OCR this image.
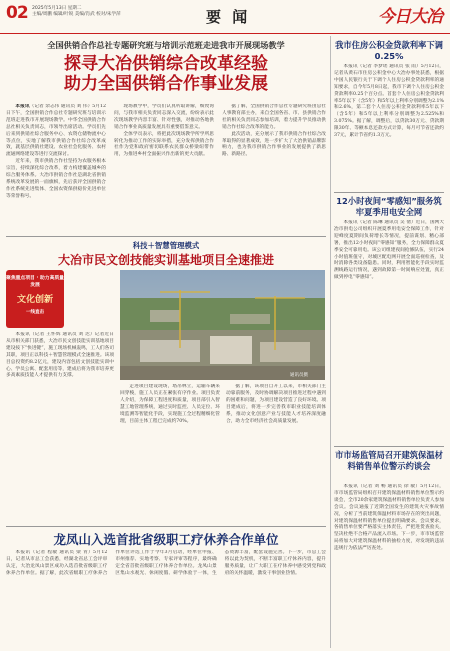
02 2025年5月13日 星期二
主编/周鹏 编辑/叶锐 美编/肖武 校对/朱学萍	要 闻	今日大冶
全国供销合作总社专题研究班与培训示范班走进我市开展现场教学
探寻大冶供销综合改革经验
助力全国供销合作事业发展

本报讯（记者 余志伟 通讯员 刘 伟）5月12日下午，全国供销合作总社专题研究班与培训示范班走进我市开展现场教学。中华全国供销合作总社相关负责同志，市领导出席活动。学员们先后来到供销社综合服务中心、农资仓储物流中心等点位，实地了解我市供销合作社综合改革成效，就基层供销社建设、农业社会化服务、农村流通网络建设等进行交流探讨。

近年来，我市供销合作社坚持为农服务根本宗旨，持续深化综合改革，着力构建覆盖城乡的综合服务体系。大冶市供销合作社是湖北省供销系统改革发展的一面旗帜，先后获评全国供销合作社系统先进集体、全国农资保供稳价先进单位等荣誉称号。

现场教学中，学员们认真听取讲解，细致询问，与我市相关负责同志深入交流，纷纷表示此次现场教学内容丰富、针对性强，对推动各地供销合作事业高质量发展具有重要借鉴意义。

全体学员表示，将把此次现场教学所学所思转化为推动工作的实际举措，充分发挥供销合作社作为党和政府密切联系农民群众桥梁纽带作用，为推进乡村全面振兴作出新的更大贡献。

据了解，全国供销合作总社专题研究班由总社人事教育部主办，来自全国各省、市、县供销合作社的相关负责同志参加培训，着力提升学员推动供销合作社综合改革的能力。

此次活动，充分展示了我市供销合作社综合改革取得的显著成效，进一步扩大了大冶供销品牌影响力，也为我市供销合作事业的发展提供了新思路、新路径。

科技＋智慧管理模式
大冶市民文创技能实训基地项目全速推进
聚焦重点项目 · 助力高质量发展
文化创新
一线直击
通讯员摄

本报讯（记者 王怀辉 通讯员 刘 达）记者近日从市相关部门获悉，大冶市民文创技能实训基地项目建设按下“快进键”，施工现场机械轰鸣，工人们各司其职，项目正以科技＋智慧管理模式全速推进。该项目总投资约8.2亿元，建设内容包括文创技能实训中心、学员公寓、配套用房等，建成后将为我市培养更多高素质技能人才提供有力支撑。

走进项目建设现场，塔吊林立，运输车辆来回穿梭，施工人员正在紧张有序作业。项目负责人介绍，为保障工程进度和质量，项目部引入智慧工地管理系统，通过实时监控、人员定位、环境监测等智能化手段，实现施工全过程精细化管理，目前主体工程已完成约70%。

据了解，该项目自开工以来，市相关部门主动靠前服务，及时协调解决项目推进过程中遇到的困难和问题，为项目建设营造了良好环境。项目建成后，将进一步完善我市职业技能培训体系，推动文化创意产业与技能人才培养深度融合，助力全市经济社会高质量发展。

龙凤山入选首批省级职工疗休养合作单位

本报讯（记者 程敏 通讯员 梁 青）5月12日，记者从市总工会获悉，经湖北省总工会评审认定，大冶龙凤山景区成功入选首批省级职工疗休养合作单位。据了解，此次省级职工疗休养合作单位评选工作于今年3月启动，经单位申报、市州推荐、实地考察、专家评审等程序，最终确定全省首批省级职工疗休养合作单位。龙凤山景区集山水观光、休闲度假、研学体验于一体，生态资源丰富，配套设施完善。下一步，市总工会将以此为契机，不断丰富职工疗休养内容，提升服务质量，让广大职工在疗休养中感受到党和政府的关怀温暖，激发干事创业热情。

我市住房公积金贷款利率下调0.25%

本报讯（记者 李梦瑶 通讯员 张 雨）5月12日，记者从黄石市住房公积金中心大冶办事处获悉，根据中国人民银行关于下调个人住房公积金贷款利率的通知要求，自今年5月8日起，我市下调个人住房公积金贷款利率0.25个百分点。首套个人住房公积金贷款利率5年以下（含5年）和5年以上利率分别调整为2.1%和2.6%，第二套个人住房公积金贷款利率5年以下（含5年）和5年以上利率分别调整为2.525%和3.075%。据了解，调整后，以贷款30万元、贷款期限30年、等额本息还款方式计算，每月可节省还款约37元，累计节省约1.3万元。

12小时夜间“零感知”服务筑牢夏季用电安全网

本报讯（记者 陈琳 通讯员 吴 倩）近日，国网大冶市供电公司组织开展夏季用电安全保障工作，针对迎峰度夏期间负荷增长等情况，提前谋划、精心部署，推出12小时夜间“零感知”服务，全力保障群众夏季安全可靠用电。该公司组建夜间抢修队伍，实行24小时值班值守，对城区配电网开展全面巡视检查，及时消除各类设备隐患。同时，利用智能化手段实时监测线路运行情况，遇到故障第一时间响应处置，真正做到停电“零感知”。

市市场监管局召开建筑保温材料销售单位警示约谈会

本报讯（记者 刘 畅 通讯员 徐 敏）5月12日，市市场监管局组织召开建筑保温材料销售单位警示约谈会，全市20余家建筑保温材料销售单位负责人参加会议。会议通报了近期全国发生的建筑火灾事故情况，分析了当前建筑保温材料市场存在的突出问题，对建筑保温材料销售单位提出明确要求。会议要求，各销售单位要严格落实主体责任，严把进货查验关，坚决杜绝不合格产品流入市场。下一步，市市场监管局将加大对建筑保温材料的抽检力度，对发现的违法违规行为依法严厉查处。
